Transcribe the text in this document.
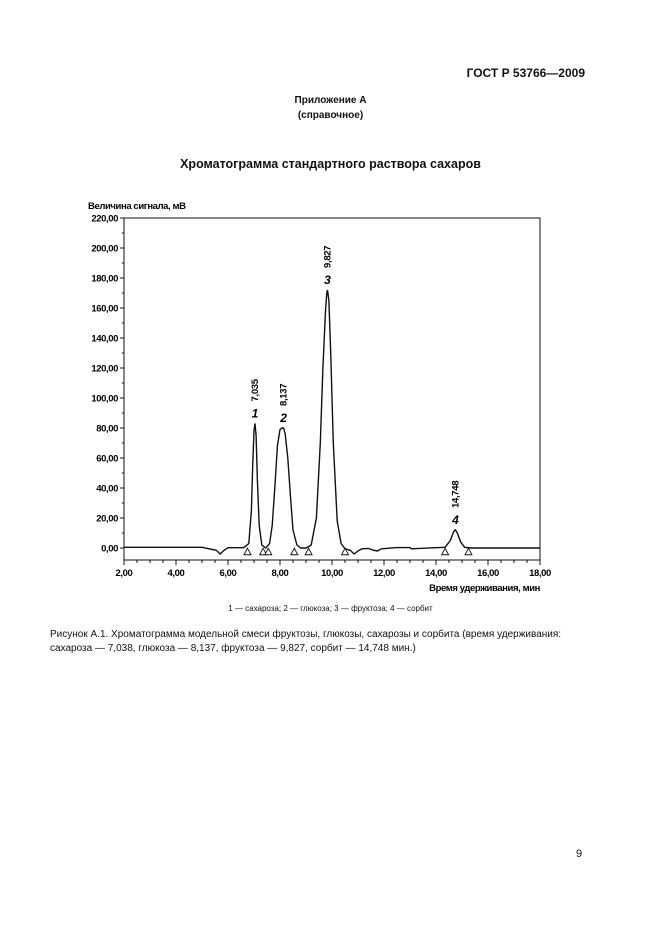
ГОСТ Р 53766—2009
Приложение А
(справочное)
Хроматограмма стандартного раствора сахаров
Величина сигнала, мВ
0,00
20,00
40,00
60,00
80,00
100,00
120,00
140,00
160,00
180,00
200,00
220,00
2,00	4,00	6,00	8,00	10,00	12,00	14,00	16,00	18,00
1
7,035
2
8,137
3
9,827
4
14,748
Время удерживания, мин
1 — сахароза; 2 — глюкоза; 3 — фруктоза; 4 — сорбит
Рисунок А.1. Хроматограмма модельной смеси фруктозы, глюкозы, сахарозы и сорбита (время удерживания: сахароза — 7,038, глюкоза — 8,137, фруктоза — 9,827, сорбит — 14,748 мин.)
9
